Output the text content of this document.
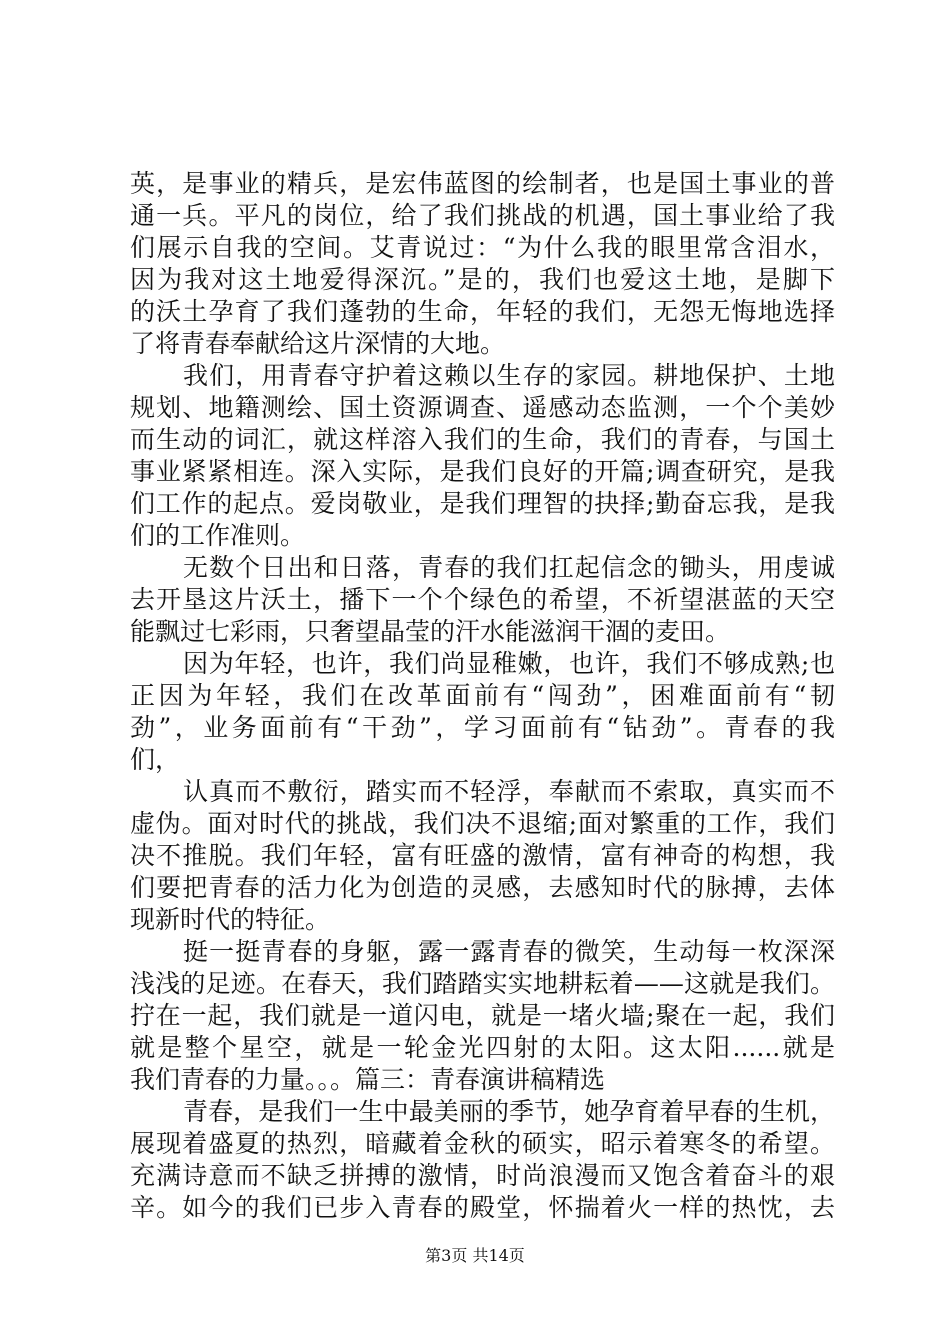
英，是事业的精兵，是宏伟蓝图的绘制者，也是国土事业的普
通一兵。平凡的岗位，给了我们挑战的机遇，国土事业给了我
们展示自我的空间。艾青说过：“为什么我的眼里常含泪水，
因为我对这土地爱得深沉。”是的，我们也爱这土地，是脚下
的沃土孕育了我们蓬勃的生命，年轻的我们，无怨无悔地选择
了将青春奉献给这片深情的大地。
我们，用青春守护着这赖以生存的家园。耕地保护、土地
规划、地籍测绘、国土资源调查、遥感动态监测，一个个美妙
而生动的词汇，就这样溶入我们的生命，我们的青春，与国土
事业紧紧相连。深入实际，是我们良好的开篇;调查研究，是我
们工作的起点。爱岗敬业，是我们理智的抉择;勤奋忘我，是我
们的工作准则。
无数个日出和日落，青春的我们扛起信念的锄头，用虔诚
去开垦这片沃土，播下一个个绿色的希望，不祈望湛蓝的天空
能飘过七彩雨，只奢望晶莹的汗水能滋润干涸的麦田。
因为年轻，也许，我们尚显稚嫩，也许，我们不够成熟;也
正因为年轻，我们在改革面前有“闯劲”，困难面前有“韧
劲”，业务面前有“干劲”，学习面前有“钻劲”。青春的我
们，
认真而不敷衍，踏实而不轻浮，奉献而不索取，真实而不
虚伪。面对时代的挑战，我们决不退缩;面对繁重的工作，我们
决不推脱。我们年轻，富有旺盛的激情，富有神奇的构想，我
们要把青春的活力化为创造的灵感，去感知时代的脉搏，去体
现新时代的特征。
挺一挺青春的身躯，露一露青春的微笑，生动每一枚深深
浅浅的足迹。在春天，我们踏踏实实地耕耘着——这就是我们。
拧在一起，我们就是一道闪电，就是一堵火墙;聚在一起，我们
就是整个星空，就是一轮金光四射的太阳。这太阳......就是
我们青春的力量。。。篇三：青春演讲稿精选
青春，是我们一生中最美丽的季节，她孕育着早春的生机，
展现着盛夏的热烈，暗藏着金秋的硕实，昭示着寒冬的希望。
充满诗意而不缺乏拼搏的激情，时尚浪漫而又饱含着奋斗的艰
辛。如今的我们已步入青春的殿堂，怀揣着火一样的热忱，去
第3页 共14页
